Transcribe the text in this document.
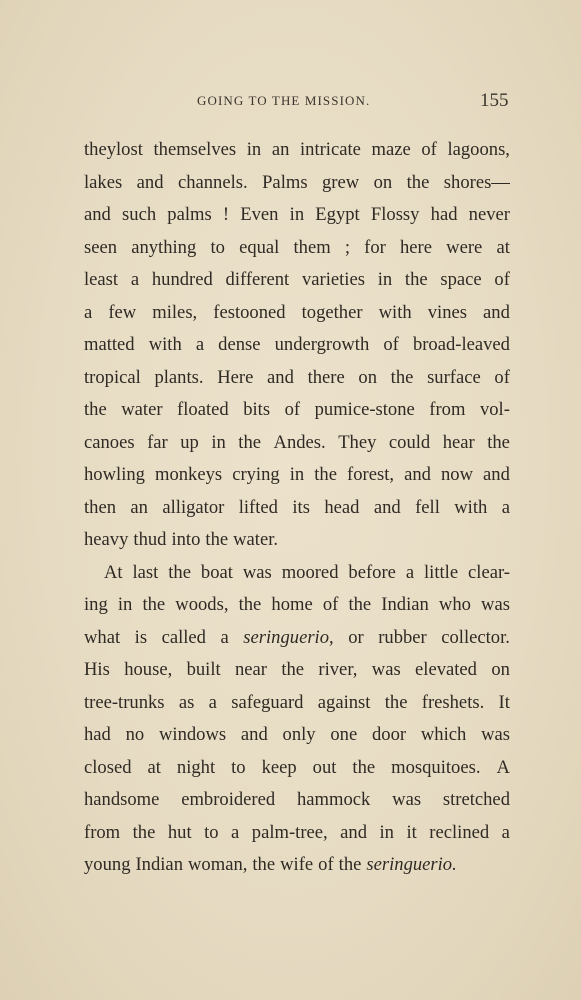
GOING TO THE MISSION.	155
theylost themselves in an intricate maze of lagoons,
lakes and channels. Palms grew on the shores—
and such palms ! Even in Egypt Flossy had never
seen anything to equal them ; for here were at
least a hundred different varieties in the space of
a few miles, festooned together with vines and
matted with a dense undergrowth of broad-leaved
tropical plants. Here and there on the surface of
the water floated bits of pumice-stone from vol-
canoes far up in the Andes. They could hear the
howling monkeys crying in the forest, and now and
then an alligator lifted its head and fell with a
heavy thud into the water.
At last the boat was moored before a little clear-
ing in the woods, the home of the Indian who was
what is called a seringuerio, or rubber collector.
His house, built near the river, was elevated on
tree-trunks as a safeguard against the freshets. It
had no windows and only one door which was
closed at night to keep out the mosquitoes. A
handsome embroidered hammock was stretched
from the hut to a palm-tree, and in it reclined a
young Indian woman, the wife of the seringuerio.
